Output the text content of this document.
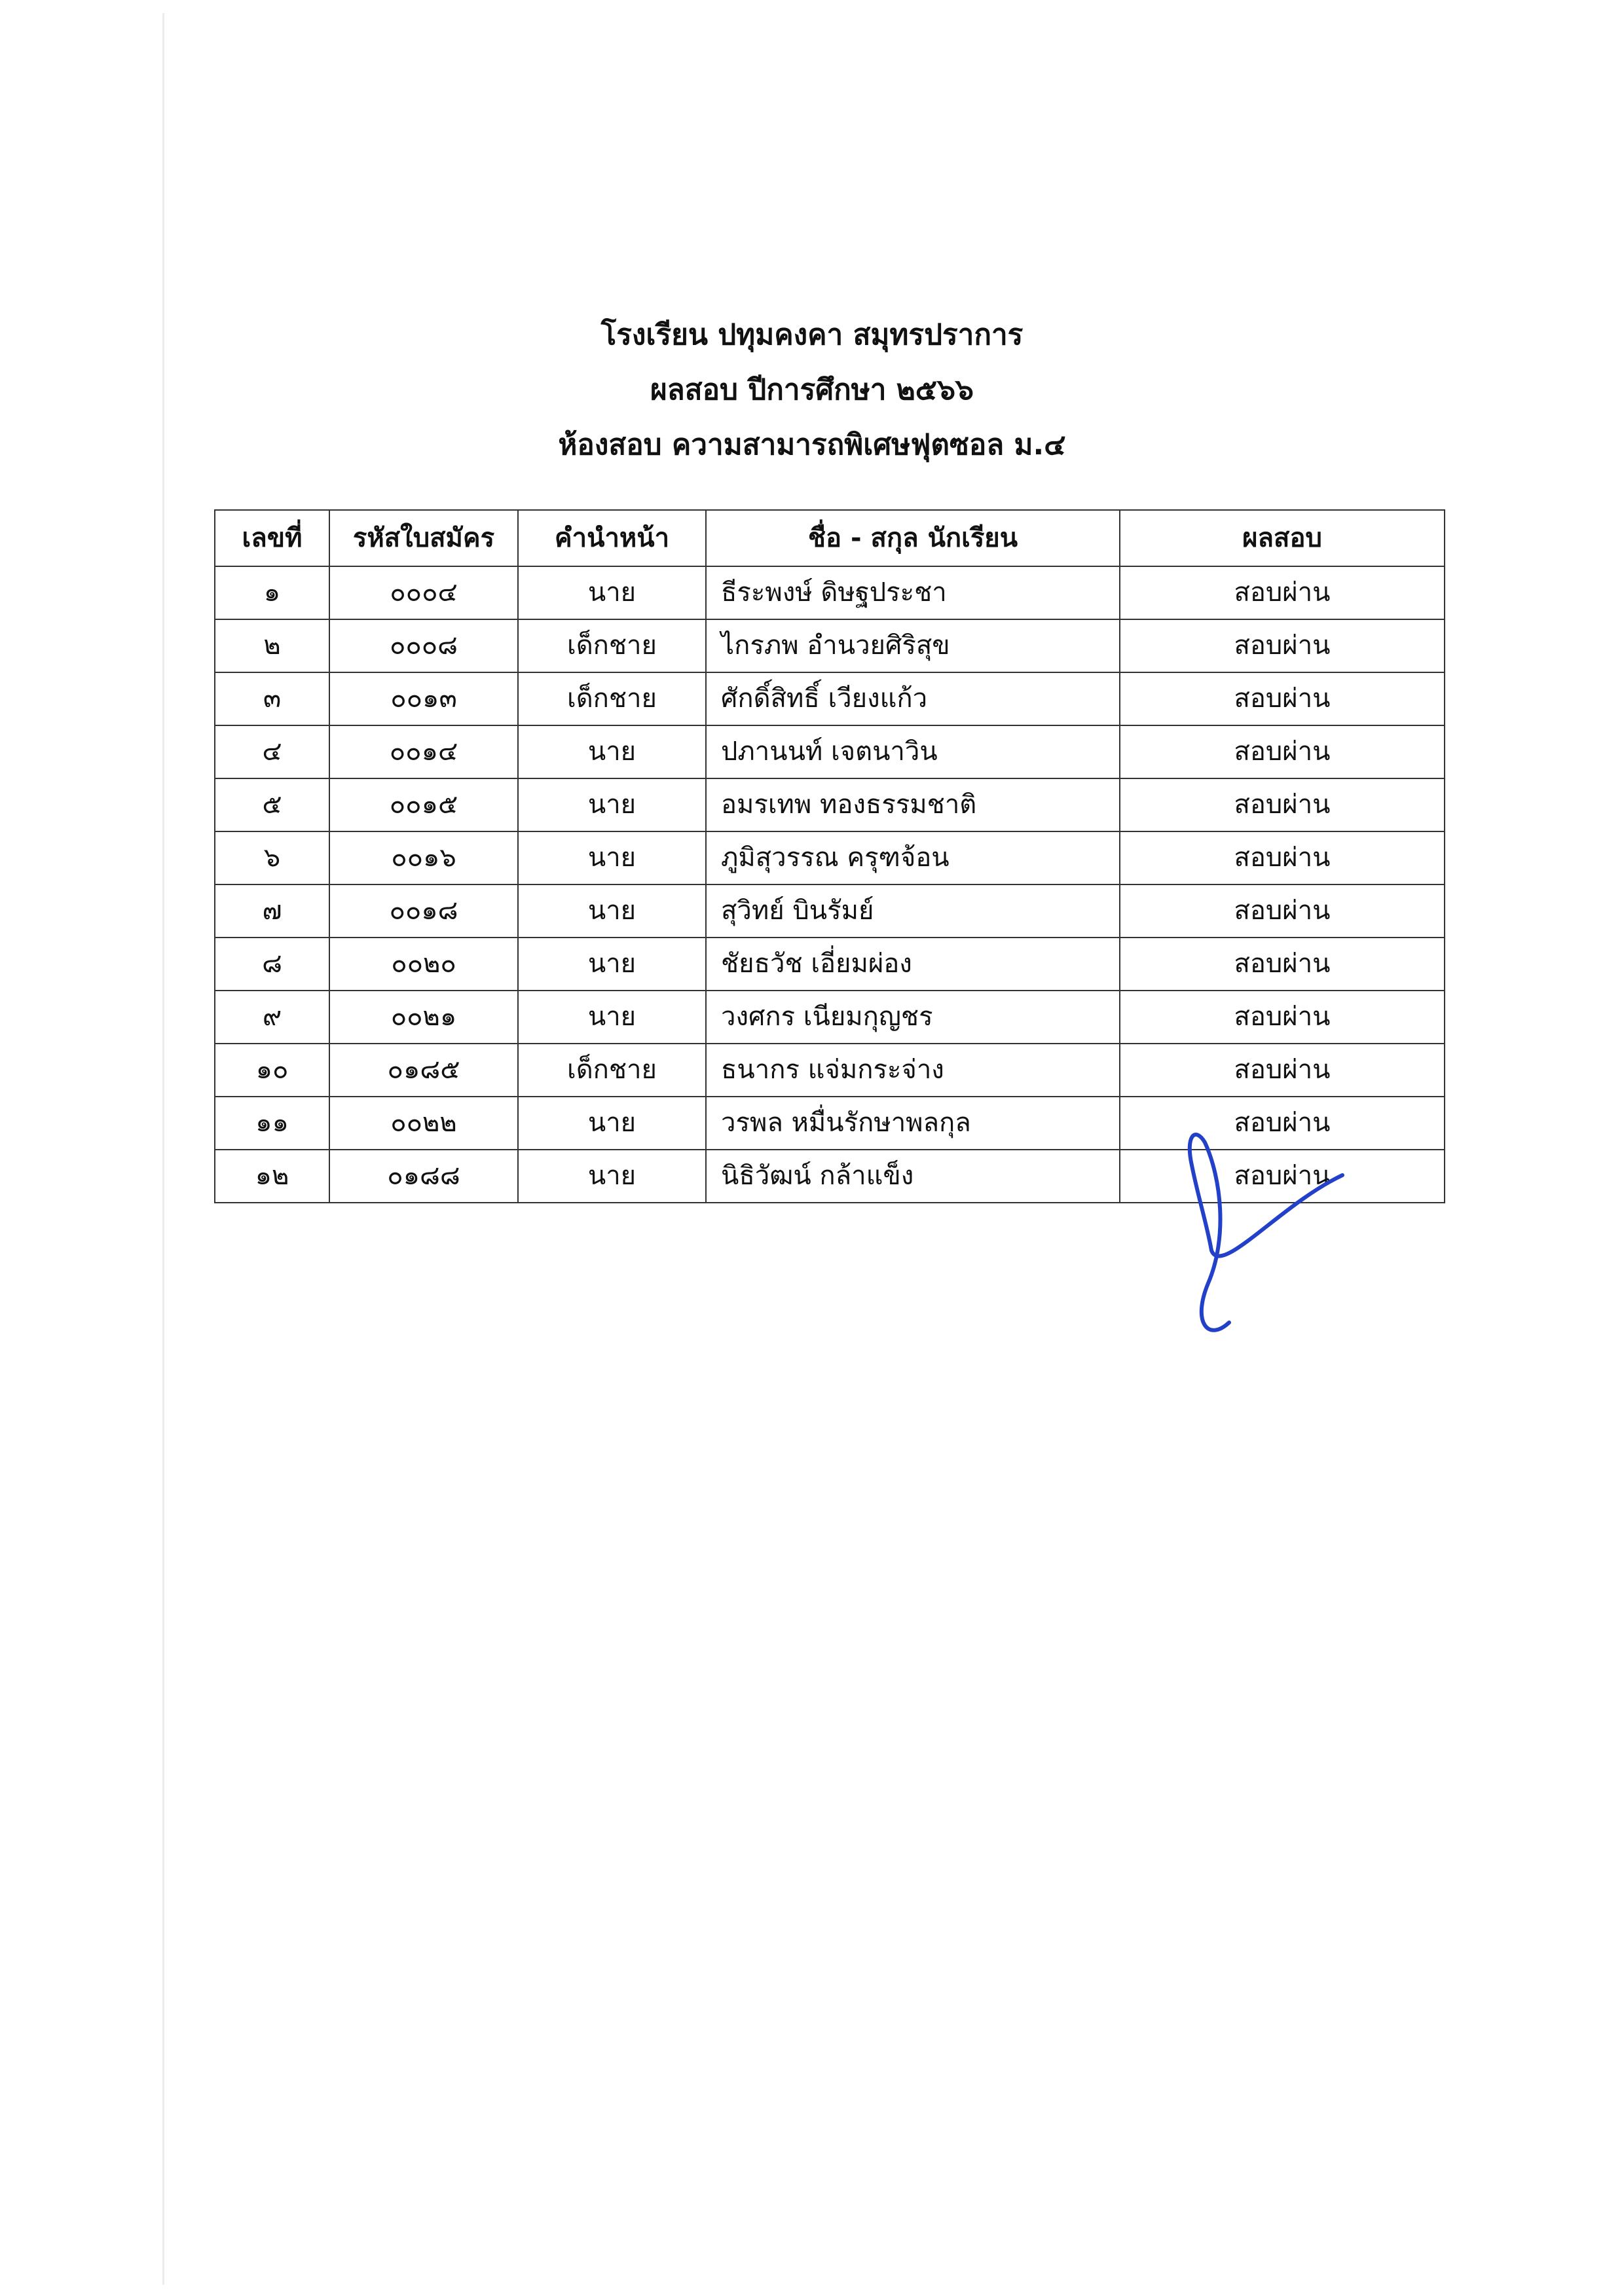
โรงเรียน ปทุมคงคา สมุทรปราการ
ผลสอบ ปีการศึกษา ๒๕๖๖
ห้องสอบ ความสามารถพิเศษฟุตซอล ม.๔
เลขที่	รหัสใบสมัคร	คำนำหน้า	ชื่อ - สกุล นักเรียน	ผลสอบ
๑	๐๐๐๔	นาย	ธีระพงษ์ ดิษฐประชา	สอบผ่าน
๒	๐๐๐๘	เด็กชาย	ไกรภพ อำนวยศิริสุข	สอบผ่าน
๓	๐๐๑๓	เด็กชาย	ศักดิ์สิทธิ์ เวียงแก้ว	สอบผ่าน
๔	๐๐๑๔	นาย	ปภานนท์ เจตนาวิน	สอบผ่าน
๕	๐๐๑๕	นาย	อมรเทพ ทองธรรมชาติ	สอบผ่าน
๖	๐๐๑๖	นาย	ภูมิสุวรรณ ครุฑจ้อน	สอบผ่าน
๗	๐๐๑๘	นาย	สุวิทย์ บินรัมย์	สอบผ่าน
๘	๐๐๒๐	นาย	ชัยธวัช เอี่ยมผ่อง	สอบผ่าน
๙	๐๐๒๑	นาย	วงศกร เนียมกุญชร	สอบผ่าน
๑๐	๐๑๘๕	เด็กชาย	ธนากร แจ่มกระจ่าง	สอบผ่าน
๑๑	๐๐๒๒	นาย	วรพล หมื่นรักษาพลกุล	สอบผ่าน
๑๒	๐๑๘๘	นาย	นิธิวัฒน์ กล้าแข็ง	สอบผ่าน
